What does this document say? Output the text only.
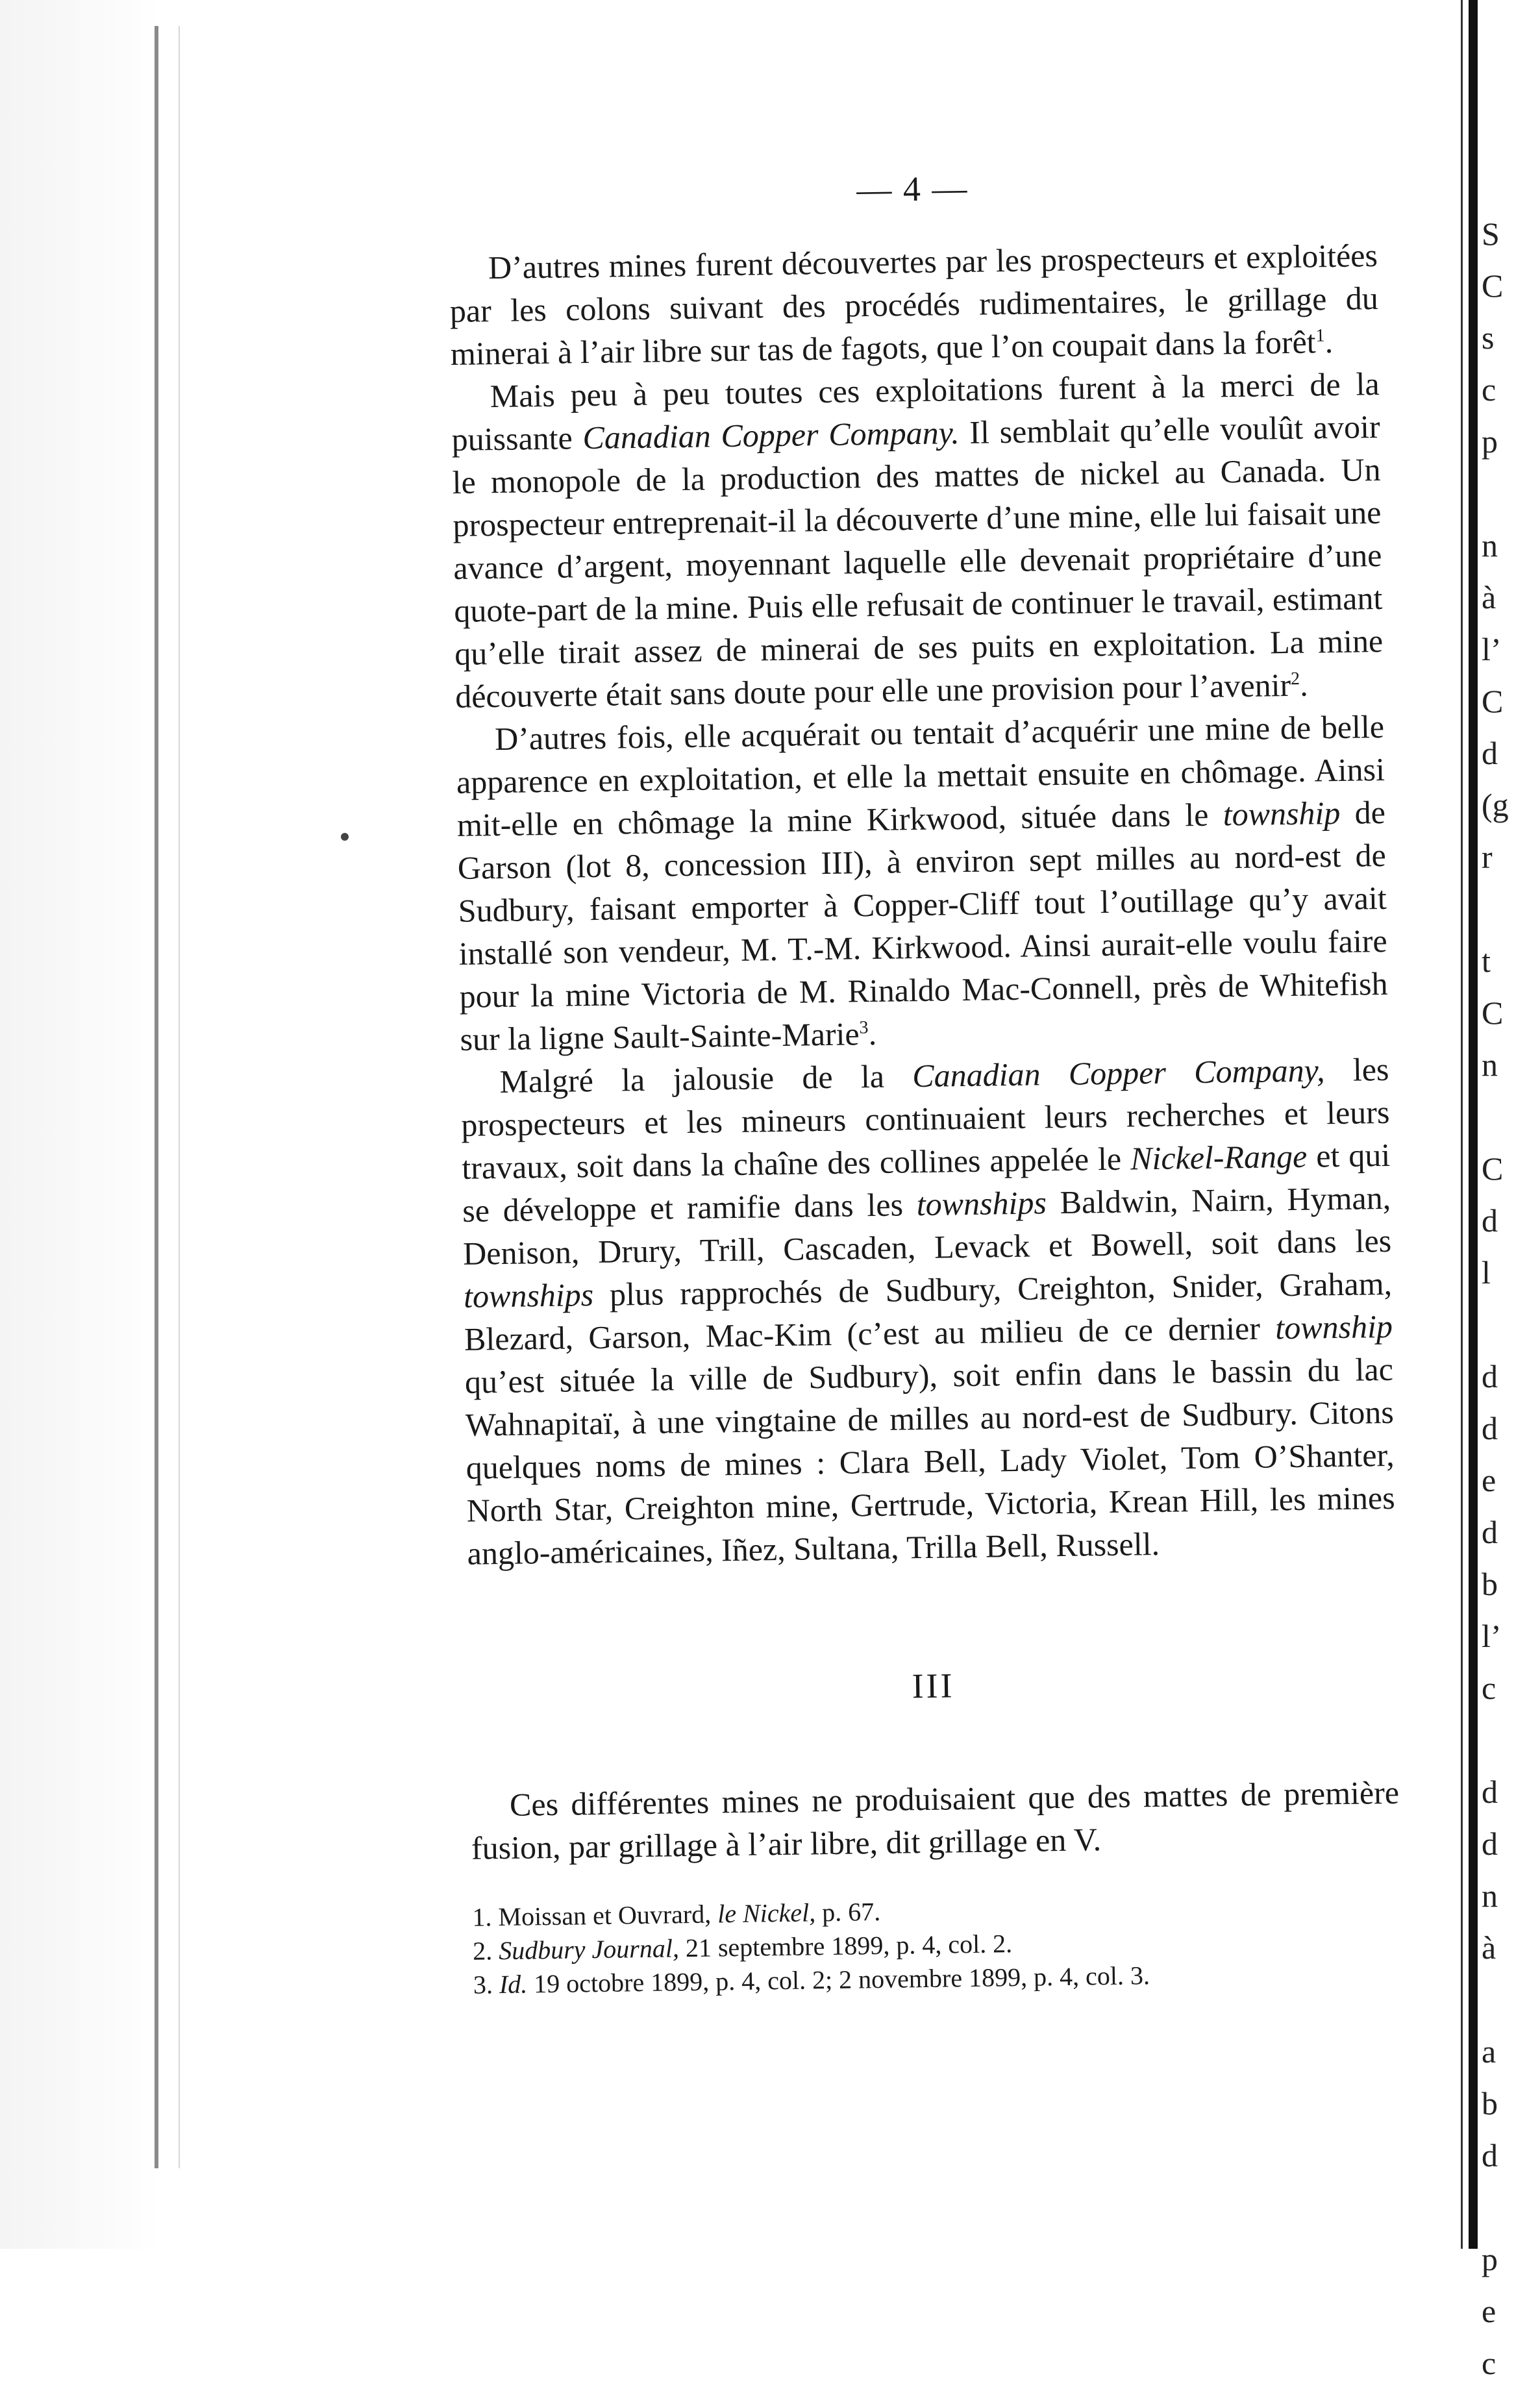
— 4 —

D’autres mines furent découvertes par les prospecteurs et exploitées par les colons suivant des procédés rudimentaires, le grillage du minerai à l’air libre sur tas de fagots, que l’on coupait dans la forêt$^1$.

Mais peu à peu toutes ces exploitations furent à la merci de la puissante Canadian Copper Company. Il semblait qu’elle voulût avoir le monopole de la production des mattes de nickel au Canada. Un prospecteur entreprenait-il la découverte d’une mine, elle lui faisait une avance d’argent, moyennant laquelle elle devenait propriétaire d’une quote-part de la mine. Puis elle refusait de continuer le travail, estimant qu’elle tirait assez de minerai de ses puits en exploitation. La mine découverte était sans doute pour elle une provision pour l’avenir$^2$.

D’autres fois, elle acquérait ou tentait d’acquérir une mine de belle apparence en exploitation, et elle la mettait ensuite en chômage. Ainsi mit-elle en chômage la mine Kirkwood, située dans le township de Garson (lot 8, concession III), à environ sept milles au nord-est de Sudbury, faisant emporter à Copper-Cliff tout l’outillage qu’y avait installé son vendeur, M. T.-M. Kirkwood. Ainsi aurait-elle voulu faire pour la mine Victoria de M. Rinaldo Mac-Connell, près de Whitefish sur la ligne Sault-Sainte-Marie$^3$.

Malgré la jalousie de la Canadian Copper Company, les prospecteurs et les mineurs continuaient leurs recherches et leurs travaux, soit dans la chaîne des collines appelée le Nickel-Range et qui se développe et ramifie dans les townships Baldwin, Nairn, Hyman, Denison, Drury, Trill, Cascaden, Levack et Bowell, soit dans les townships plus rapprochés de Sudbury, Creighton, Snider, Graham, Blezard, Garson, Mac-Kim (c’est au milieu de ce dernier township qu’est située la ville de Sudbury), soit enfin dans le bassin du lac Wahnapitaï, à une vingtaine de milles au nord-est de Sudbury. Citons quelques noms de mines : Clara Bell, Lady Violet, Tom O’Shanter, North Star, Creighton mine, Gertrude, Victoria, Krean Hill, les mines anglo-américaines, Iñez, Sultana, Trilla Bell, Russell.

III

Ces différentes mines ne produisaient que des mattes de première fusion, par grillage à l’air libre, dit grillage en V.

1. Moissan et Ouvrard, le Nickel, p. 67.
2. Sudbury Journal, 21 septembre 1899, p. 4, col. 2.
3. Id. 19 octobre 1899, p. 4, col. 2; 2 novembre 1899, p. 4, col. 3.
S
C
s
c
p
n
à
l’
C
d
(g
r
t
C
n
C
d
l
d
d
e
d
b
l’
c
d
d
n
à
a
b
d
p
e
c
